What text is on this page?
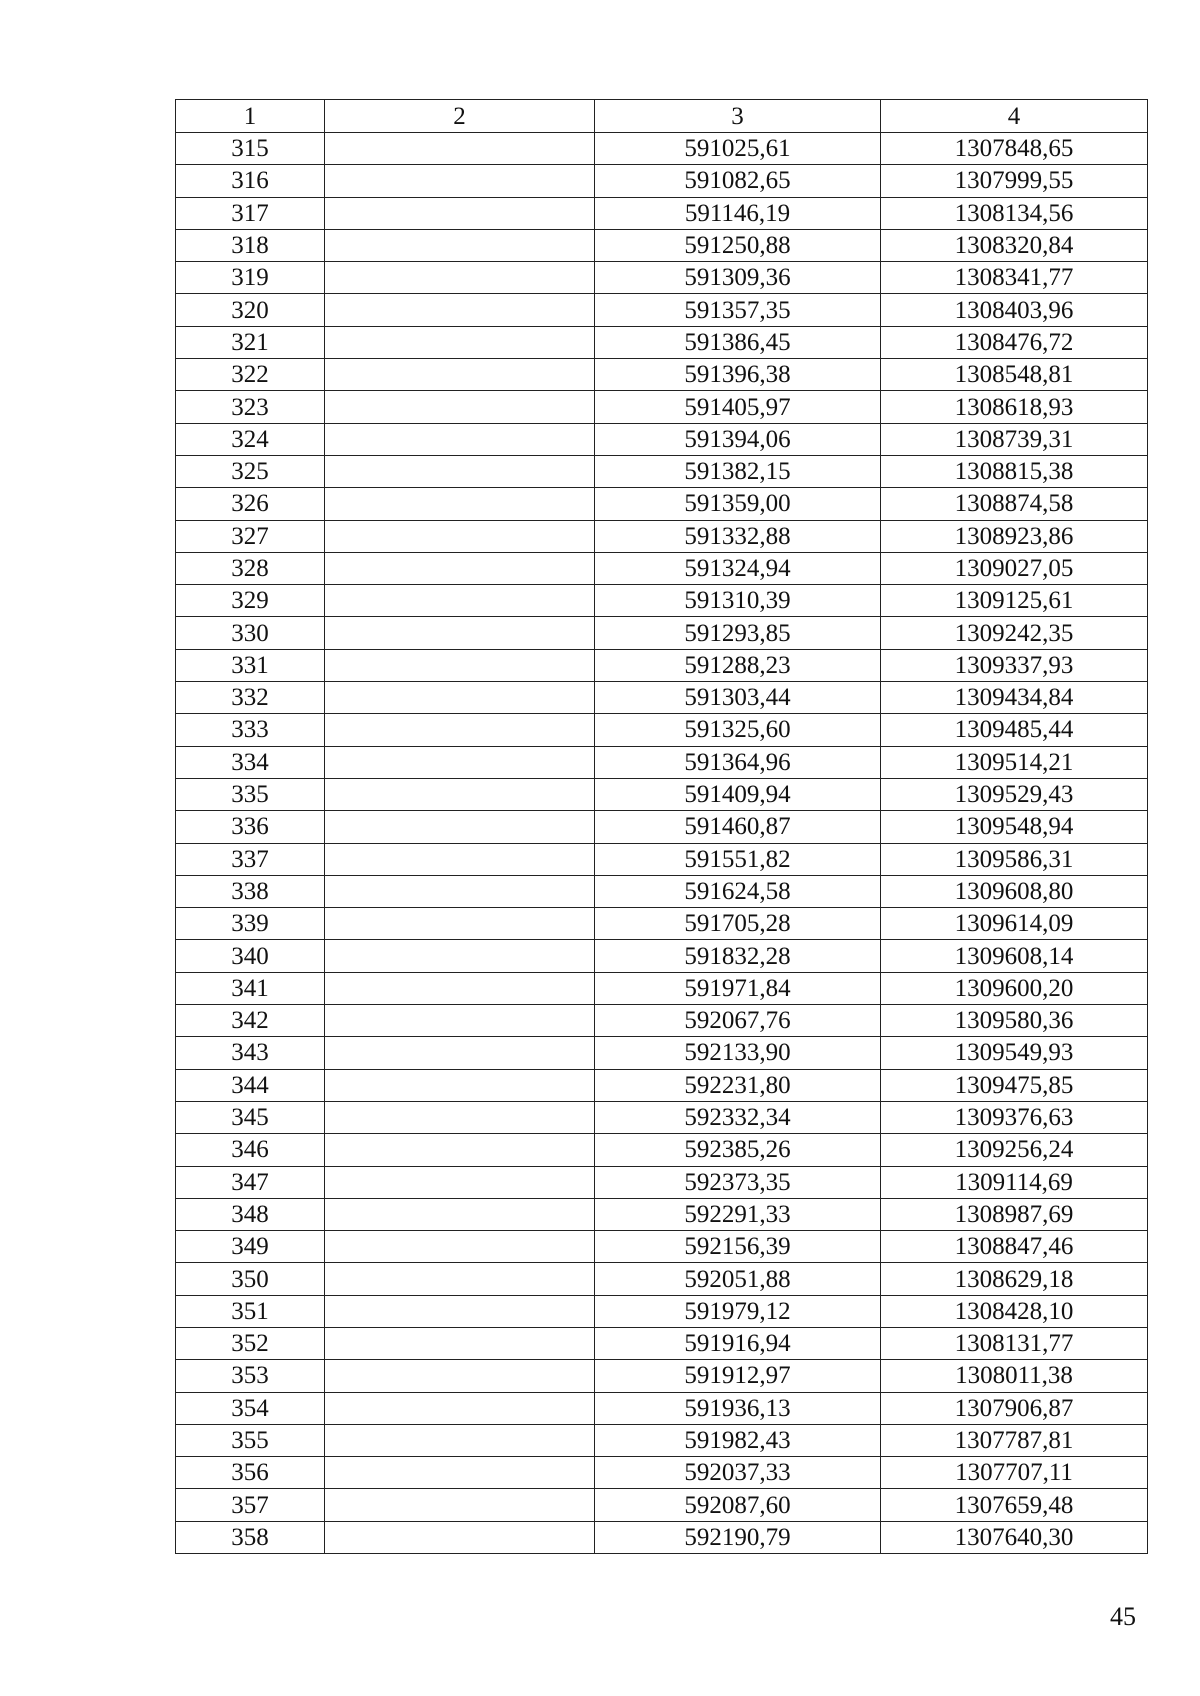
1	2	3	4
315		591025,61	1307848,65
316		591082,65	1307999,55
317		591146,19	1308134,56
318		591250,88	1308320,84
319		591309,36	1308341,77
320		591357,35	1308403,96
321		591386,45	1308476,72
322		591396,38	1308548,81
323		591405,97	1308618,93
324		591394,06	1308739,31
325		591382,15	1308815,38
326		591359,00	1308874,58
327		591332,88	1308923,86
328		591324,94	1309027,05
329		591310,39	1309125,61
330		591293,85	1309242,35
331		591288,23	1309337,93
332		591303,44	1309434,84
333		591325,60	1309485,44
334		591364,96	1309514,21
335		591409,94	1309529,43
336		591460,87	1309548,94
337		591551,82	1309586,31
338		591624,58	1309608,80
339		591705,28	1309614,09
340		591832,28	1309608,14
341		591971,84	1309600,20
342		592067,76	1309580,36
343		592133,90	1309549,93
344		592231,80	1309475,85
345		592332,34	1309376,63
346		592385,26	1309256,24
347		592373,35	1309114,69
348		592291,33	1308987,69
349		592156,39	1308847,46
350		592051,88	1308629,18
351		591979,12	1308428,10
352		591916,94	1308131,77
353		591912,97	1308011,38
354		591936,13	1307906,87
355		591982,43	1307787,81
356		592037,33	1307707,11
357		592087,60	1307659,48
358		592190,79	1307640,30
45
